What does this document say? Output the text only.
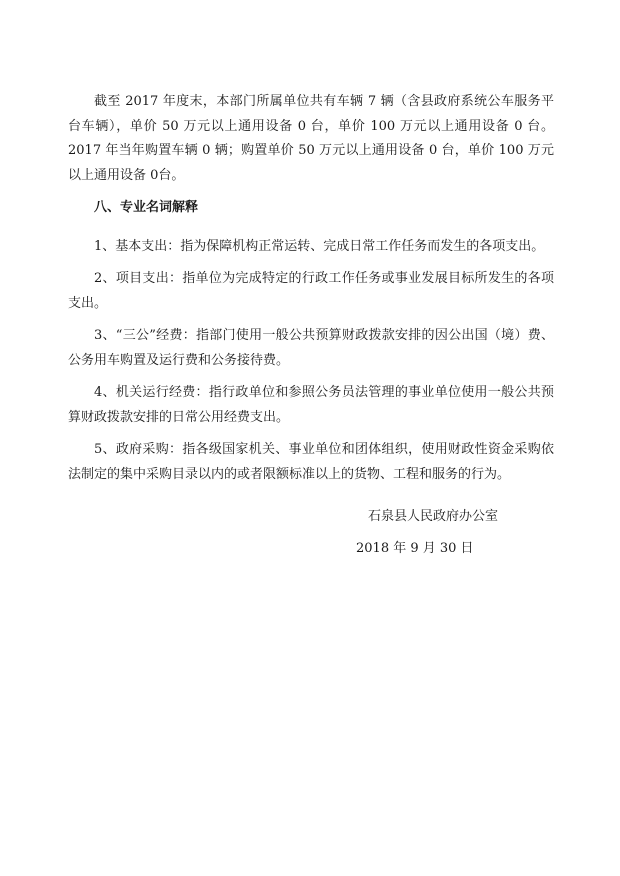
截至 2017 年度末，本部门所属单位共有车辆 7 辆（含县政府系统公车服务平台车辆），单价 50 万元以上通用设备 0 台，单价 100 万元以上通用设备 0 台。2017 年当年购置车辆 0 辆；购置单价 50 万元以上通用设备 0 台，单价 100 万元以上通用设备 0台。

八、专业名词解释

1、基本支出：指为保障机构正常运转、完成日常工作任务而发生的各项支出。

2、项目支出：指单位为完成特定的行政工作任务或事业发展目标所发生的各项支出。

3、“三公”经费：指部门使用一般公共预算财政拨款安排的因公出国（境）费、公务用车购置及运行费和公务接待费。

4、机关运行经费：指行政单位和参照公务员法管理的事业单位使用一般公共预算财政拨款安排的日常公用经费支出。

5、政府采购：指各级国家机关、事业单位和团体组织，使用财政性资金采购依法制定的集中采购目录以内的或者限额标准以上的货物、工程和服务的行为。

石泉县人民政府办公室
2018 年 9 月 30 日
